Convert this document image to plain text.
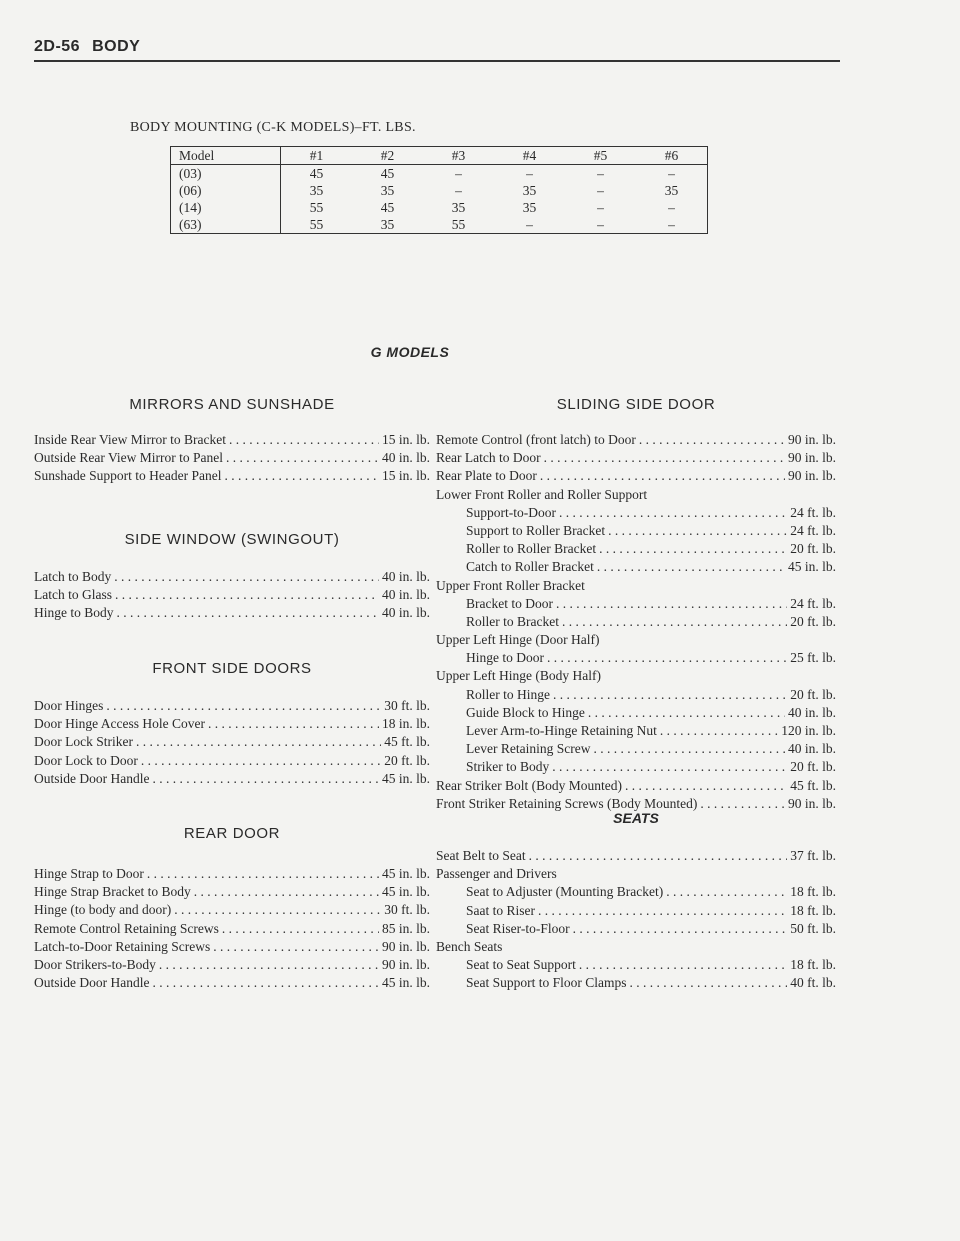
2D-56 BODY
BODY MOUNTING (C-K MODELS)–FT. LBS.
Model	#1	#2	#3	#4	#5	#6
(03)	45	45	–	–	–	–
(06)	35	35	–	35	–	35
(14)	55	45	35	35	–	–
(63)	55	35	55	–	–	–
G MODELS
MIRRORS AND SUNSHADE
Inside Rear View Mirror to Bracket . . .	15 in. lb.
Outside Rear View Mirror to Panel . . .	40 in. lb.
Sunshade Support to Header Panel . . .	15 in. lb.
SIDE WINDOW (SWINGOUT)
Latch to Body . . .	40 in. lb.
Latch to Glass . . .	40 in. lb.
Hinge to Body . . .	40 in. lb.
FRONT SIDE DOORS
Door Hinges . . .	30 ft. lb.
Door Hinge Access Hole Cover . . .	18 in. lb.
Door Lock Striker . . .	45 ft. lb.
Door Lock to Door . . .	20 ft. lb.
Outside Door Handle . . .	45 in. lb.
REAR DOOR
Hinge Strap to Door . . .	45 in. lb.
Hinge Strap Bracket to Body . . .	45 in. lb.
Hinge (to body and door) . . .	30 ft. lb.
Remote Control Retaining Screws . . .	85 in. lb.
Latch-to-Door Retaining Screws . . .	90 in. lb.
Door Strikers-to-Body . . .	90 in. lb.
Outside Door Handle . . .	45 in. lb.
SLIDING SIDE DOOR
Remote Control (front latch) to Door . . .	90 in. lb.
Rear Latch to Door . . .	90 in. lb.
Rear Plate to Door . . .	90 in. lb.
Lower Front Roller and Roller Support
Support-to-Door . . .	24 ft. lb.
Support to Roller Bracket . . .	24 ft. lb.
Roller to Roller Bracket . . .	20 ft. lb.
Catch to Roller Bracket . . .	45 in. lb.
Upper Front Roller Bracket
Bracket to Door . . .	24 ft. lb.
Roller to Bracket . . .	20 ft. lb.
Upper Left Hinge (Door Half)
Hinge to Door . . .	25 ft. lb.
Upper Left Hinge (Body Half)
Roller to Hinge . . .	20 ft. lb.
Guide Block to Hinge . . .	40 in. lb.
Lever Arm-to-Hinge Retaining Nut . . .	120 in. lb.
Lever Retaining Screw . . .	40 in. lb.
Striker to Body . . .	20 ft. lb.
Rear Striker Bolt (Body Mounted) . . .	45 ft. lb.
Front Striker Retaining Screws (Body Mounted) . . .	90 in. lb.
SEATS
Seat Belt to Seat . . .	37 ft. lb.
Passenger and Drivers
Seat to Adjuster (Mounting Bracket) . . .	18 ft. lb.
Saat to Riser . . .	18 ft. lb.
Seat Riser-to-Floor . . .	50 ft. lb.
Bench Seats
Seat to Seat Support . . .	18 ft. lb.
Seat Support to Floor Clamps . . .	40 ft. lb.
